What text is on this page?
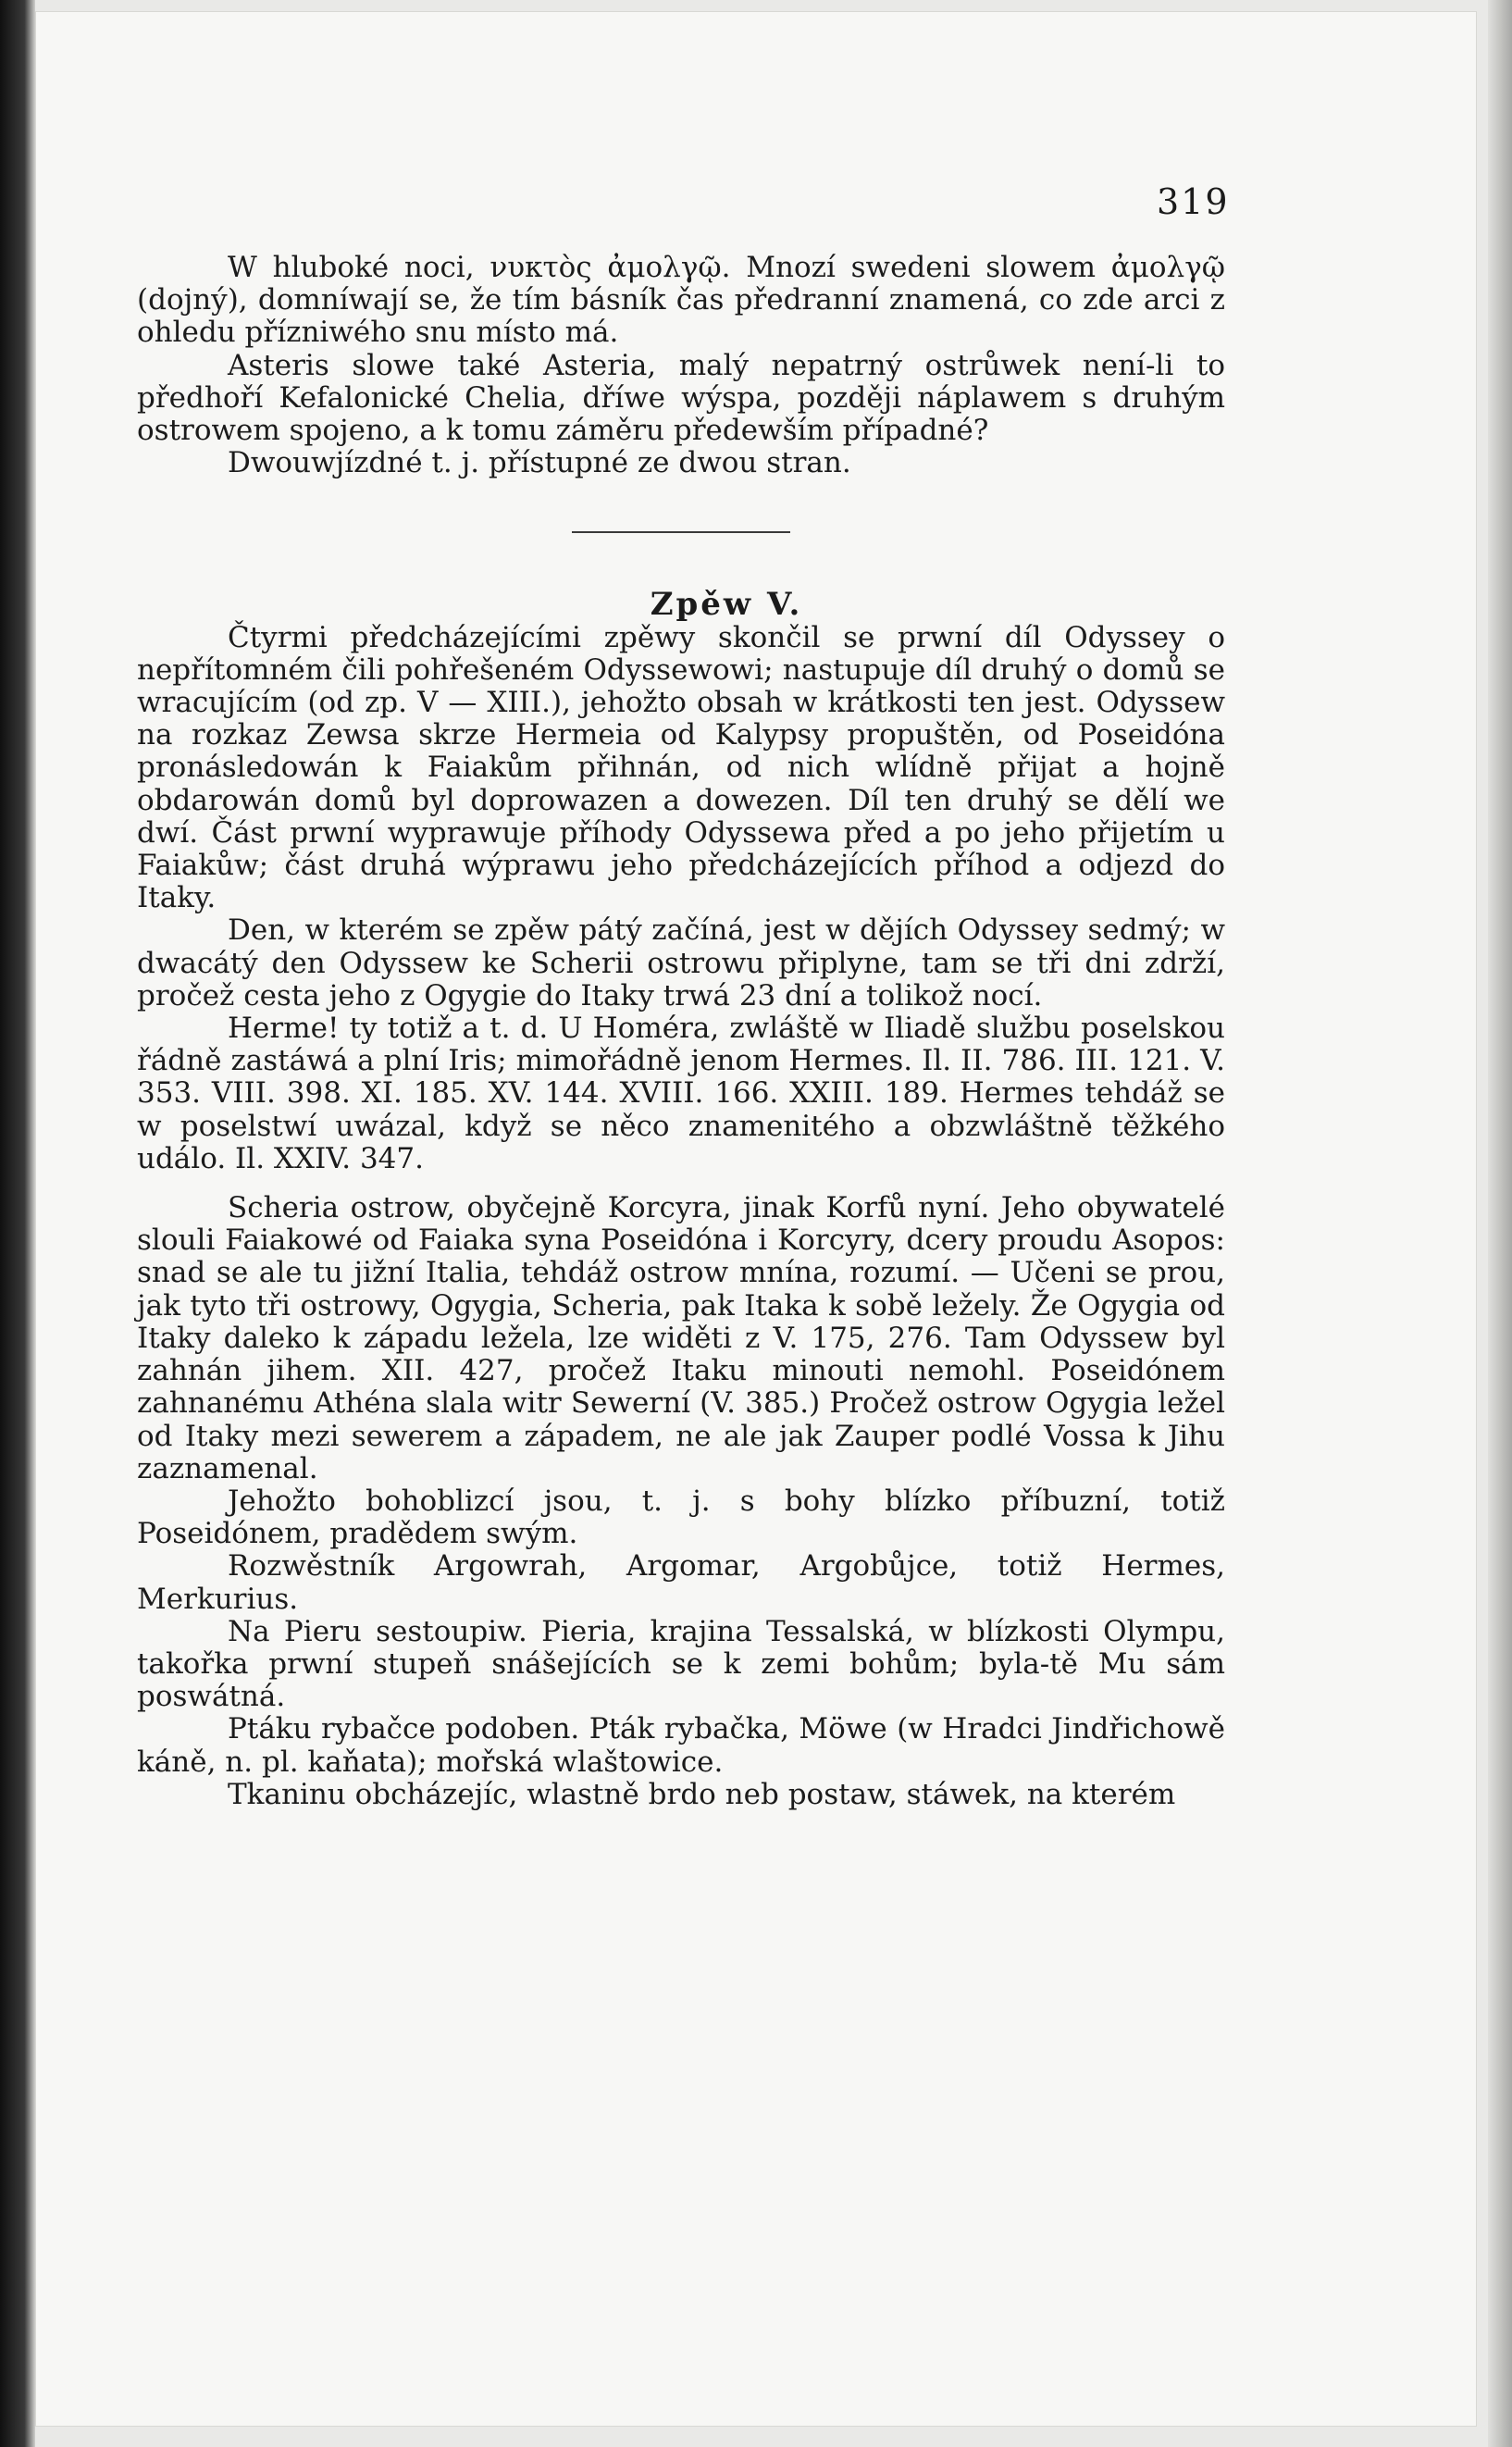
319

W hluboké noci, νυκτὸς ἀμολγῷ. Mnozí swedeni slowem ἀμολγῷ (dojný), domníwají se, že tím básník čas předranní znamená, co zde arci z ohledu přízniwého snu místo má.

Asteris slowe také Asteria, malý nepatrný ostrůwek není-li to předhoří Kefalonické Chelia, dříwe wýspa, později náplawem s druhým ostrowem spojeno, a k tomu záměru předewším případné?

Dwouwjízdné t. j. přístupné ze dwou stran.

Zpěw V.

Čtyrmi předcházejícími zpěwy skončil se prwní díl Odyssey o nepřítomném čili pohřešeném Odyssewowi; nastupuje díl druhý o domů se wracujícím (od zp. V — XIII.), jehožto obsah w krátkosti ten jest. Odyssew na rozkaz Zewsa skrze Hermeia od Kalypsy propuštěn, od Poseidóna pronásledowán k Faiakům přihnán, od nich wlídně přijat a hojně obdarowán domů byl doprowazen a dowezen. Díl ten druhý se dělí we dwí. Část prwní wyprawuje příhody Odyssewa před a po jeho přijetím u Faiakůw; část druhá wýprawu jeho předcházejících příhod a odjezd do Itaky.

Den, w kterém se zpěw pátý začíná, jest w dějích Odyssey sedmý; w dwacátý den Odyssew ke Scherii ostrowu připlyne, tam se tři dni zdrží, pročež cesta jeho z Ogygie do Itaky trwá 23 dní a tolikož nocí.

Herme! ty totiž a t. d. U Homéra, zwláště w Iliadě službu poselskou řádně zastáwá a plní Iris; mimořádně jenom Hermes. Il. II. 786. III. 121. V. 353. VIII. 398. XI. 185. XV. 144. XVIII. 166. XXIII. 189. Hermes tehdáž se w poselstwí uwázal, když se něco znamenitého a obzwláštně těžkého událo. Il. XXIV. 347.

Scheria ostrow, obyčejně Korcyra, jinak Korfů nyní. Jeho obywatelé slouli Faiakowé od Faiaka syna Poseidóna i Korcyry, dcery proudu Asopos: snad se ale tu jižní Italia, tehdáž ostrow mnína, rozumí. — Učeni se prou, jak tyto tři ostrowy, Ogygia, Scheria, pak Itaka k sobě ležely. Že Ogygia od Itaky daleko k západu ležela, lze widěti z V. 175, 276. Tam Odyssew byl zahnán jihem. XII. 427, pročež Itaku minouti nemohl. Poseidónem zahnanému Athéna slala witr Sewerní (V. 385.) Pročež ostrow Ogygia ležel od Itaky mezi sewerem a západem, ne ale jak Zauper podlé Vossa k Jihu zaznamenal.

Jehožto bohoblizcí jsou, t. j. s bohy blízko příbuzní, totiž Poseidónem, pradědem swým.

Rozwěstník Argowrah, Argomar, Argobůjce, totiž Hermes, Merkurius.

Na Pieru sestoupiw. Pieria, krajina Tessalská, w blízkosti Olympu, takořka prwní stupeň snášejících se k zemi bohům; byla-tě Mu sám poswátná.

Ptáku rybačce podoben. Pták rybačka, Möwe (w Hradci Jindřichowě káně, n. pl. kaňata); mořská wlaštowice.

Tkaninu obcházejíc, wlastně brdo neb postaw, stáwek, na kterém
